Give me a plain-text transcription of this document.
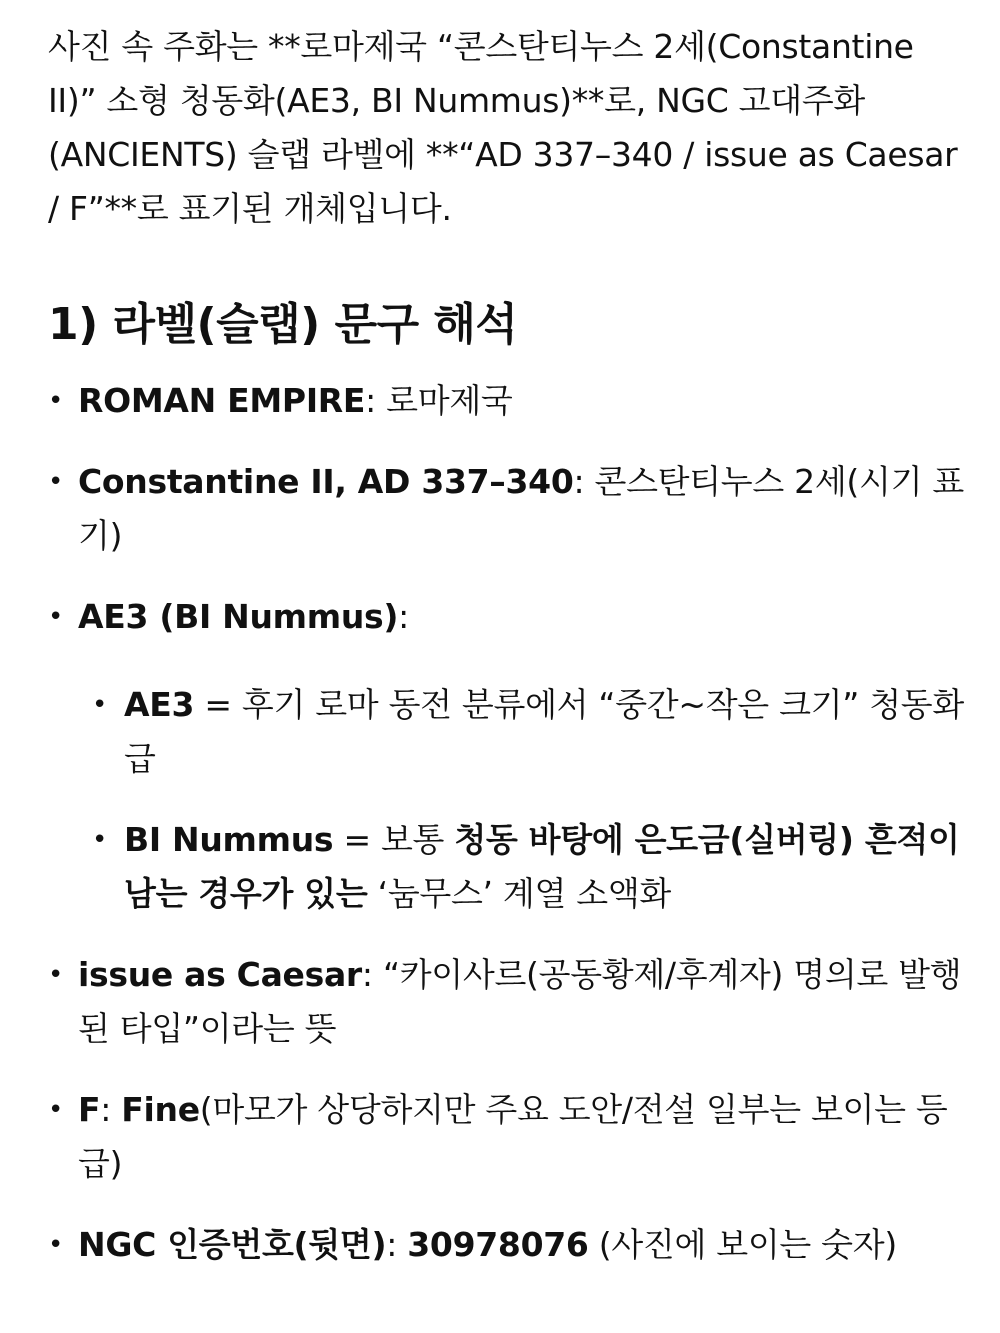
사진 속 주화는 **로마제국 “콘스탄티누스 2세(Constantine II)” 소형 청동화(AE3, BI Nummus)**로, NGC 고대주화(ANCIENTS) 슬랩 라벨에 **“AD 337–340 / issue as Caesar / F”**로 표기된 개체입니다.

1) 라벨(슬랩) 문구 해석
• ROMAN EMPIRE: 로마제국
• Constantine II, AD 337–340: 콘스탄티누스 2세(시기 표기)
• AE3 (BI Nummus):
• AE3 = 후기 로마 동전 분류에서 “중간~작은 크기” 청동화 급
• BI Nummus = 보통 청동 바탕에 은도금(실버링) 흔적이 남는 경우가 있는 ‘눔무스’ 계열 소액화
• issue as Caesar: “카이사르(공동황제/후계자) 명의로 발행된 타입”이라는 뜻
• F: Fine(마모가 상당하지만 주요 도안/전설 일부는 보이는 등급)
• NGC 인증번호(뒷면): 30978076 (사진에 보이는 숫자)
